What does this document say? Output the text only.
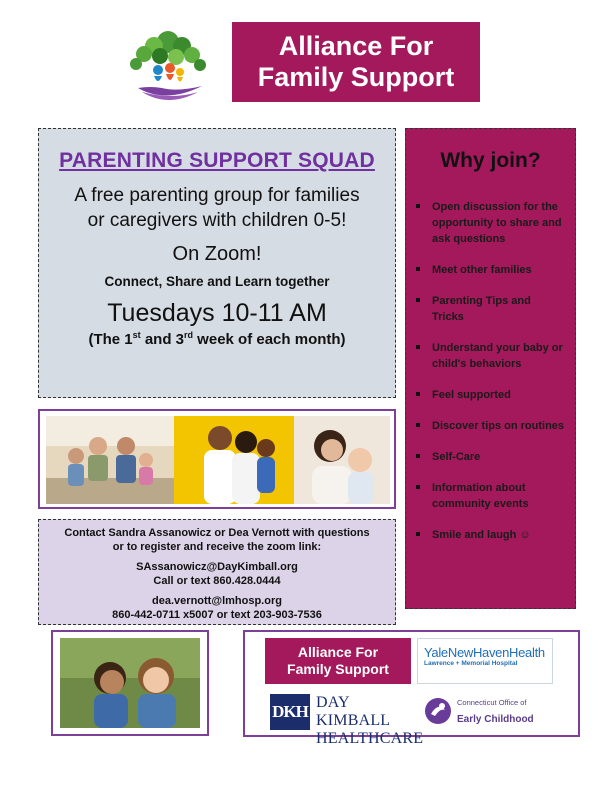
Alliance For
Family Support
PARENTING SUPPORT SQUAD
A free parenting group for families
or caregivers with children 0-5!
On Zoom!
Connect, Share and Learn together
Tuesdays 10-11 AM
(The 1st and 3rd week of each month)
Why join?
Open discussion for the opportunity to share and ask questions
Meet other families
Parenting Tips and Tricks
Understand your baby or child's behaviors
Feel supported
Discover tips on routines
Self-Care
Information about community events
Smile and laugh ☺
Contact Sandra Assanowicz or Dea Vernott with questions
or to register and receive the zoom link:
SAssanowicz@DayKimball.org
Call or text 860.428.0444
dea.vernott@lmhosp.org
860-442-0711 x5007 or text 203-903-7536
Alliance For
Family Support
YaleNewHavenHealth
Lawrence + Memorial Hospital
DKH DAY KIMBALL
HEALTHCARE
Connecticut Office of
Early Childhood
